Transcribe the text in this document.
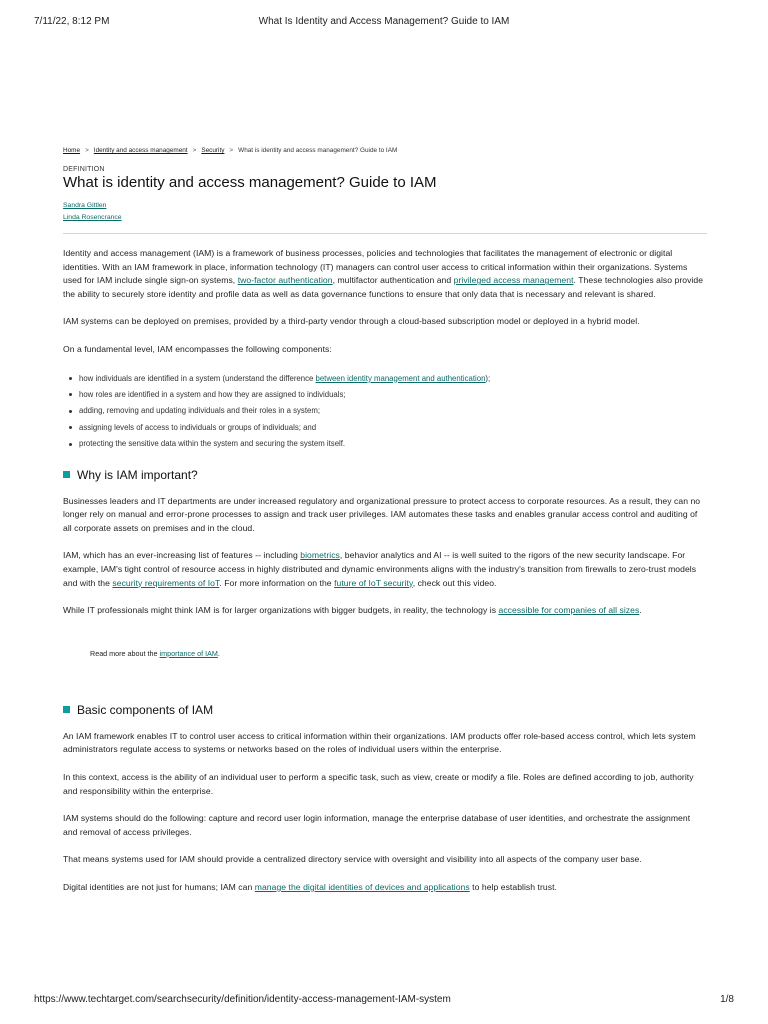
7/11/22, 8:12 PM	What Is Identity and Access Management? Guide to IAM
Home > Identity and access management > Security > What is identity and access management? Guide to IAM
DEFINITION
What is identity and access management? Guide to IAM
Sandra Gittlen
Linda Rosencrance

Identity and access management (IAM) is a framework of business processes, policies and technologies that facilitates the management of electronic or digital identities. With an IAM framework in place, information technology (IT) managers can control user access to critical information within their organizations. Systems used for IAM include single sign-on systems, two-factor authentication, multifactor authentication and privileged access management. These technologies also provide the ability to securely store identity and profile data as well as data governance functions to ensure that only data that is necessary and relevant is shared.

IAM systems can be deployed on premises, provided by a third-party vendor through a cloud-based subscription model or deployed in a hybrid model.

On a fundamental level, IAM encompasses the following components:

how individuals are identified in a system (understand the difference between identity management and authentication);
how roles are identified in a system and how they are assigned to individuals;
adding, removing and updating individuals and their roles in a system;
assigning levels of access to individuals or groups of individuals; and
protecting the sensitive data within the system and securing the system itself.
Why is IAM important?

Businesses leaders and IT departments are under increased regulatory and organizational pressure to protect access to corporate resources. As a result, they can no longer rely on manual and error-prone processes to assign and track user privileges. IAM automates these tasks and enables granular access control and auditing of all corporate assets on premises and in the cloud.

IAM, which has an ever-increasing list of features -- including biometrics, behavior analytics and AI -- is well suited to the rigors of the new security landscape. For example, IAM's tight control of resource access in highly distributed and dynamic environments aligns with the industry's transition from firewalls to zero-trust models and with the security requirements of IoT. For more information on the future of IoT security, check out this video.

While IT professionals might think IAM is for larger organizations with bigger budgets, in reality, the technology is accessible for companies of all sizes.

Read more about the importance of IAM.
Basic components of IAM

An IAM framework enables IT to control user access to critical information within their organizations. IAM products offer role-based access control, which lets system administrators regulate access to systems or networks based on the roles of individual users within the enterprise.

In this context, access is the ability of an individual user to perform a specific task, such as view, create or modify a file. Roles are defined according to job, authority and responsibility within the enterprise.

IAM systems should do the following: capture and record user login information, manage the enterprise database of user identities, and orchestrate the assignment and removal of access privileges.

That means systems used for IAM should provide a centralized directory service with oversight and visibility into all aspects of the company user base.

Digital identities are not just for humans; IAM can manage the digital identities of devices and applications to help establish trust.

https://www.techtarget.com/searchsecurity/definition/identity-access-management-IAM-system	1/8
